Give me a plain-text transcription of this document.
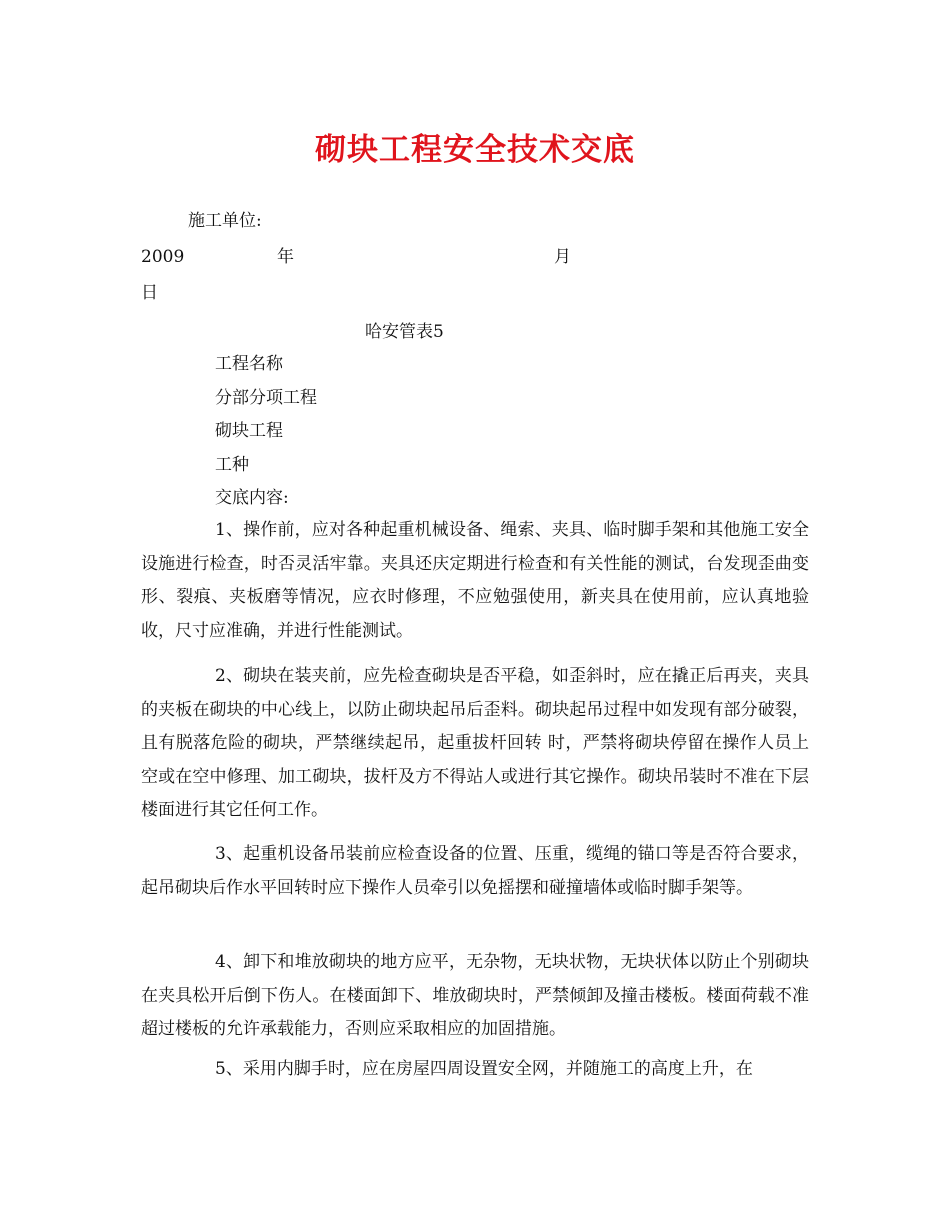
砌块工程安全技术交底
施工单位:
2009	年	月
日
哈安管表5
工程名称
分部分项工程
砌块工程
工种
交底内容:

1、操作前，应对各种起重机械设备、绳索、夹具、临时脚手架和其他施工安全设施进行检查，时否灵活牢靠。夹具还庆定期进行检查和有关性能的测试，台发现歪曲变形、裂痕、夹板磨等情况，应衣时修理，不应勉强使用，新夹具在使用前，应认真地验收，尺寸应准确，并进行性能测试。

2、砌块在装夹前，应先检查砌块是否平稳，如歪斜时，应在撬正后再夹，夹具的夹板在砌块的中心线上，以防止砌块起吊后歪料。砌块起吊过程中如发现有部分破裂，且有脱落危险的砌块，严禁继续起吊，起重拔杆回转 时，严禁将砌块停留在操作人员上空或在空中修理、加工砌块，拔杆及方不得站人或进行其它操作。砌块吊装时不准在下层楼面进行其它任何工作。

3、起重机设备吊装前应检查设备的位置、压重，缆绳的锚口等是否符合要求，起吊砌块后作水平回转时应下操作人员牵引以免摇摆和碰撞墙体或临时脚手架等。

4、卸下和堆放砌块的地方应平，无杂物，无块状物，无块状体以防止个别砌块在夹具松开后倒下伤人。在楼面卸下、堆放砌块时，严禁倾卸及撞击楼板。楼面荷载不准超过楼板的允许承载能力，否则应采取相应的加固措施。

5、采用内脚手时，应在房屋四周设置安全网，并随施工的高度上升，在
